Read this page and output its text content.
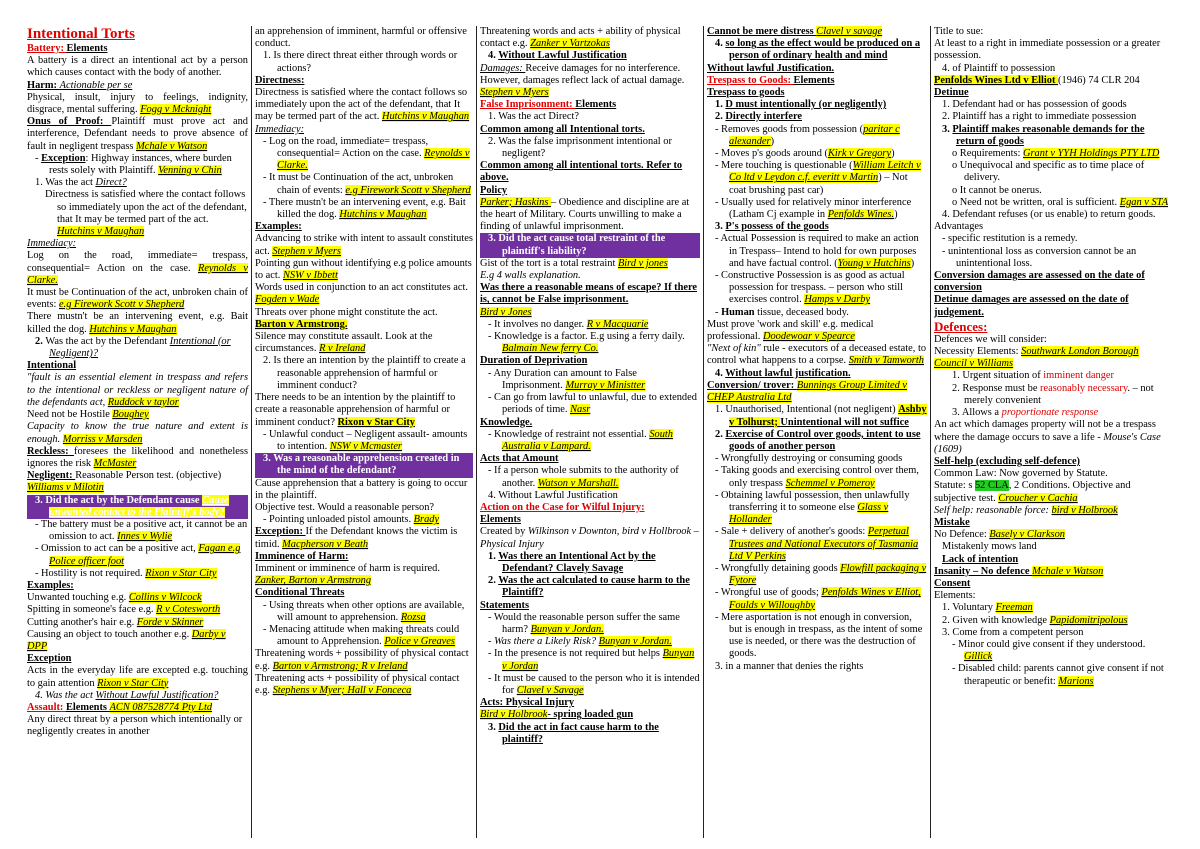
Intentional Torts
Battery: Elements
A battery is a direct an intentional act by a person which causes contact with the body of another.
Harm: Actionable per se
Physical, insult, injury to feelings, indignity, disgrace, mental suffering. Fogg v Mcknight
Onus of Proof: Plaintiff must prove act and interference, Defendant needs to prove absence of fault in negligent trespass Mchale v Watson
- Exception: Highway instances, where burden rests solely with Plaintiff. Venning v Chin
1. Was the act Direct?
Directness is satisfied where the contact follows so immediately upon the act of the defendant, that It may be termed part of the act. Hutchins v Maughan
Immediacy:
Log on the road, immediate= trespass, consequential= Action on the case. Reynolds v Clarke.
It must be Continuation of the act, unbroken chain of events: e.g Firework Scott v Shepherd
There mustn't be an intervening event, e.g. Bait killed the dog. Hutchins v Maughan
2. Was the act by the Defendant Intentional (or Negligent)?
Intentional
"fault is an essential element in trespass and refers to the intentional or reckless or negligent nature of the defendants act, Ruddock v taylor
Need not be Hostile Boughey
Capacity to know the true nature and extent is enough. Morriss v Marsden
Reckless: foresees the likelihood and nonetheless ignores the risk McMaster
Negligent: Reasonable Person test. (objective) Williams v Milotin
3. Did the act by the Defendant cause Cause unwanted contact to the Plaintiff's body?
- The battery must be a positive act, it cannot be an omission to act. Innes v Wylie
- Omission to act can be a positive act, Fagan e.g Police officer foot
- Hostility is not required. Rixon v Star City
Examples:
Unwanted touching e.g. Collins v Wilcock
Spitting in someone's face e.g. R v Cotesworth
Cutting another's hair e.g. Forde v Skinner
Causing an object to touch another e.g. Darby v DPP
Exception
Acts in the everyday life are excepted e.g. touching to gain attention Rixon v Star City
4. Was the act Without Lawful Justification?
Assault: Elements ACN 087528774 Pty Ltd
Any direct threat by a person which intentionally or negligently creates in another
an apprehension of imminent, harmful or offensive conduct.
1. Is there direct threat either through words or actions?
Directness:
Directness is satisfied where the contact follows so immediately upon the act of the defendant, that It may be termed part of the act. Hutchins v Maughan
Immediacy:
- Log on the road, immediate= trespass, consequential= Action on the case. Reynolds v Clarke.
- It must be Continuation of the act, unbroken chain of events: e.g Firework Scott v Shepherd
- There mustn't be an intervening event, e.g. Bait killed the dog. Hutchins v Maughan
Examples:
Advancing to strike with intent to assault constitutes act. Stephen v Myers
Pointing gun without identifying e.g police amounts to act. NSW v Ibbett
Words used in conjunction to an act constitutes act. Fogden v Wade
Threats over phone might constitute the act.
Barton v Armstrong.
Silence may constitute assault. Look at the circumstances. R v Ireland
2. Is there an intention by the plaintiff to create a reasonable apprehension of harmful or imminent conduct?
There needs to be an intention by the plaintiff to create a reasonable apprehension of harmful or imminent conduct? Rixon v Star City
- Unlawful conduct – Negligent assault- amounts to intention. NSW v Mcmaster
3. Was a reasonable apprehension created in the mind of the defendant?
Cause apprehension that a battery is going to occur in the plaintiff.
Objective test. Would a reasonable person?
- Pointing unloaded pistol amounts. Brady
Exception: If the Defendant knows the victim is timid. Macpherson v Beath
Imminence of Harm:
Imminent or imminence of harm is required. Zanker, Barton v Armstrong
Conditional Threats
- Using threats when other options are available, will amount to apprehension. Rozsa
- Menacing attitude when making threats could amount to Apprehension. Police v Greaves
Threatening words + possibility of physical contact e.g. Barton v Armstrong; R v Ireland
Threatening acts + possibility of physical contact e.g. Stephens v Myer; Hall v Fonceca
Threatening words and acts + ability of physical contact e.g. Zanker v Vartzokas
4. Without Lawful Justification
Damages: Receive damages for no interference. However, damages reflect lack of actual damage. Stephen v Myers
False Imprisonment: Elements
1. Was the act Direct?
Common among all Intentional torts.
2. Was the false imprisonment intentional or negligent?
Common among all intentional torts. Refer to above.
Policy
Parker; Haskins – Obedience and discipline are at the heart of Military. Courts unwilling to make a finding of unlawful imprisonment.
3. Did the act cause total restraint of the plaintiff's liability?
Gist of the tort is a total restraint Bird v jones
E.g 4 walls explanation.
Was there a reasonable means of escape? If there is, cannot be False imprisonment.
Bird v Jones
- It involves no danger. R v Macquarie
- Knowledge is a factor. E.g using a ferry daily. Balmain New ferry Co.
Duration of Deprivation
- Any Duration can amount to False Imprisonment. Murray v Ministter
- Can go from lawful to unlawful, due to extended periods of time. Nasr
Knowledge.
- Knowledge of restraint not essential. South Australia v Lampard.
Acts that Amount
- If a person whole submits to the authority of another. Watson v Marshall.
4. Without Lawful Justification
Action on the Case for Wilful Injury:
Elements
Created by Wilkinson v Downton, bird v Hollbrook – Physical Injury
1. Was there an Intentional Act by the Defendant? Clavely Savage
2. Was the act calculated to cause harm to the Plaintiff?
Statements
- Would the reasonable person suffer the same harm? Bunyan v Jordan.
- Was there a Likely Risk? Bunyan v Jordan.
- In the presence is not required but helps Bunyan v Jordan
- It must be caused to the person who it is intended for Clavel v Savage
Acts: Physical Injury
Bird v Holbrook- spring loaded gun
3. Did the act in fact cause harm to the plaintiff?
Cannot be mere distress Clavel v savage
4. so long as the effect would be produced on a person of ordinary health and mind
Without lawful Justification.
Trespass to Goods: Elements
Trespass to goods
1. D must intentionally (or negligently)
2. Directly interfere
- Removes goods from possession (paritar c alexander)
- Moves p's goods around (Kirk v Gregory)
- Mere touching is questionable (William Leitch v Co ltd v Leydon c.f. everitt v Martin) – Not coat brushing past car)
- Usually used for relatively minor interference (Latham Cj example in Penfolds Wines.)
3. P's possess of the goods
- Actual Possession is required to make an action in Trespass– Intend to hold for own purposes and have factual control. (Young v Hutchins)
- Constructive Possession is as good as actual possession for trespass. – person who still exercises control. Hamps v Darby
- Human tissue, deceased body.
Must prove 'work and skill' e.g. medical professional. Doodewoar v Spearce
"Next of kin" rule - executors of a deceased estate, to control what happens to a corpse. Smith v Tamworth
4. Without lawful justification.
Conversion/ trover: Bunnings Group Limited v CHEP Australia Ltd
1. Unauthorised, Intentional (not negligent) Ashby v Tolhurst; Unintentional will not suffice
2. Exercise of Control over goods, intent to use goods of another person
- Wrongfully destroying or consuming goods
- Taking goods and exercising control over them, only trespass Schemmel v Pomeroy
- Obtaining lawful possession, then unlawfully transferring it to someone else Glass v Hollander
- Sale + delivery of another's goods: Perpetual Trustees and National Executors of Tasmania Ltd V Perkins
- Wrongfully detaining goods Flowfill packaging v Fytore
- Wrongful use of goods; Penfolds Wines v Elliot, Foulds v Willoughby
- Mere asportation is not enough in conversion, but is enough in trespass, as the intent of some use is needed, or there was the destruction of goods.
3. in a manner that denies the rights
Title to sue:
At least to a right in immediate possession or a greater possession.
4. of Plaintiff to possession
Penfolds Wines Ltd v Elliot (1946) 74 CLR 204
Detinue
1. Defendant had or has possession of goods
2. Plaintiff has a right to immediate possession
3. Plaintiff makes reasonable demands for the return of goods
o Requirements: Grant v YYH Holdings PTY LTD
o Unequivocal and specific as to time place of delivery.
o It cannot be onerus.
o Need not be written, oral is sufficient. Egan v STA
4. Defendant refuses (or us enable) to return goods.
Advantages
- specific restitution is a remedy.
- unintentional loss as conversion cannot be an unintentional loss.
Conversion damages are assessed on the date of conversion
Detinue damages are assessed on the date of judgement.
Defences:
Defences we will consider:
Necessity Elements: Southwark London Borough Council v Williams
1. Urgent situation of imminent danger
2. Response must be reasonably necessary. – not merely convenient
3. Allows a proportionate response
An act which damages property will not be a trespass where the damage occurs to save a life - Mouse's Case (1609)
Self-help (excluding self-defence)
Common Law: Now governed by Statute.
Statute: s 52 CLA, 2 Conditions. Objective and subjective test. Croucher v Cachia
Self help: reasonable force: bird v Holbrook
Mistake
No Defence: Basely v Clarkson
Mistakenly mows land
Lack of intention
Insanity – No defence Mchale v Watson
Consent
Elements:
1. Voluntary Freeman
2. Given with knowledge Papidomitripolous
3. Come from a competent person
- Minor could give consent if they understood. Gillick
- Disabled child: parents cannot give consent if not therapeutic or benefit: Marions
